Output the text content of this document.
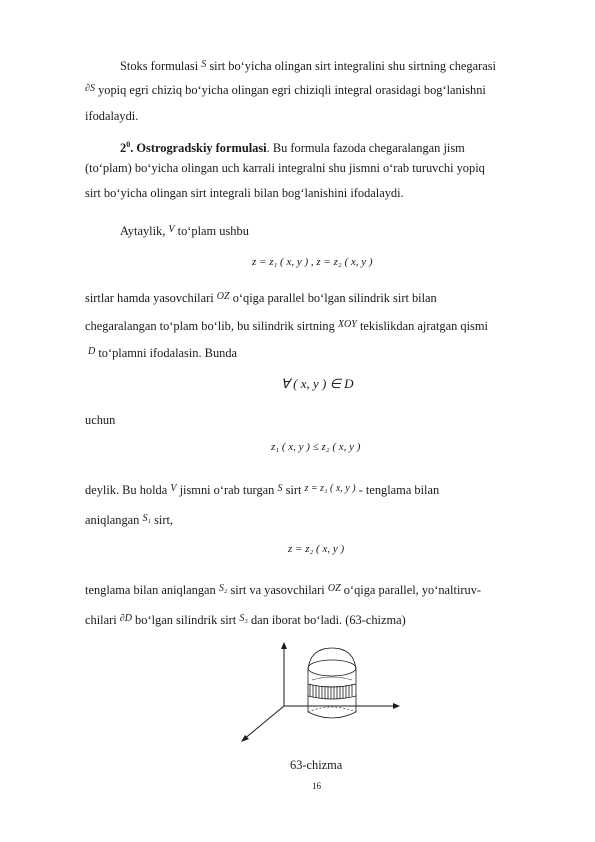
Stoks formulasi $^S$ sirt bo‘yicha olingan sirt integralini shu sirtning chegarasi
$^{\partial S}$ yopiq egri chiziq bo‘yicha olingan egri chiziqli integral orasidagi bog‘lanishni
ifodalaydi.
$2^0$. Ostrogradskiy formulasi. Bu formula fazoda chegaralangan jism
(to‘plam) bo‘yicha olingan uch karrali integralni shu jismni o‘rab turuvchi yopiq
sirt bo‘yicha olingan sirt integrali bilan bog‘lanishini ifodalaydi.
Aytaylik, $^V$ to‘plam ushbu
z = z₁ ( x, y ) , z = z₂ ( x, y )
sirtlar hamda yasovchilari $^{OZ}$ o‘qiga parallel bo‘lgan silindrik sirt bilan
chegaralangan to‘plam bo‘lib, bu silindrik sirtning $^{XOY}$ tekislikdan ajratgan qismi
$^D$ to‘plamni ifodalasin. Bunda
∀ ( x, y ) ∈ D
uchun
z₁ ( x, y ) ≤ z₂ ( x, y )
deylik. Bu holda $^V$ jismni o‘rab turgan $^S$ sirt $^{z = z_1 ( x, y )}$ - tenglama bilan
aniqlangan $^{S_1}$ sirt,
z = z₂ ( x, y )
tenglama bilan aniqlangan $^{S_2}$ sirt va yasovchilari $^{OZ}$ o‘qiga parallel, yo‘naltiruv-
chilari $^{\partial D}$ bo‘lgan silindrik sirt $^{S_3}$ dan iborat bo‘ladi. (63-chizma)
63-chizma
16
